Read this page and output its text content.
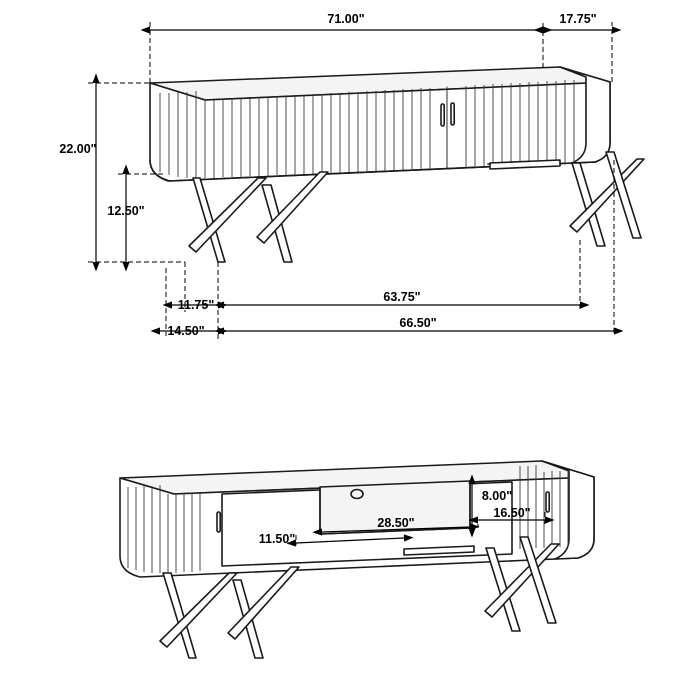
71.00"	17.75"
22.00"
12.50"
11.75"
14.50"
63.75"
66.50"
8.00"
16.50"
28.50"
11.50"
